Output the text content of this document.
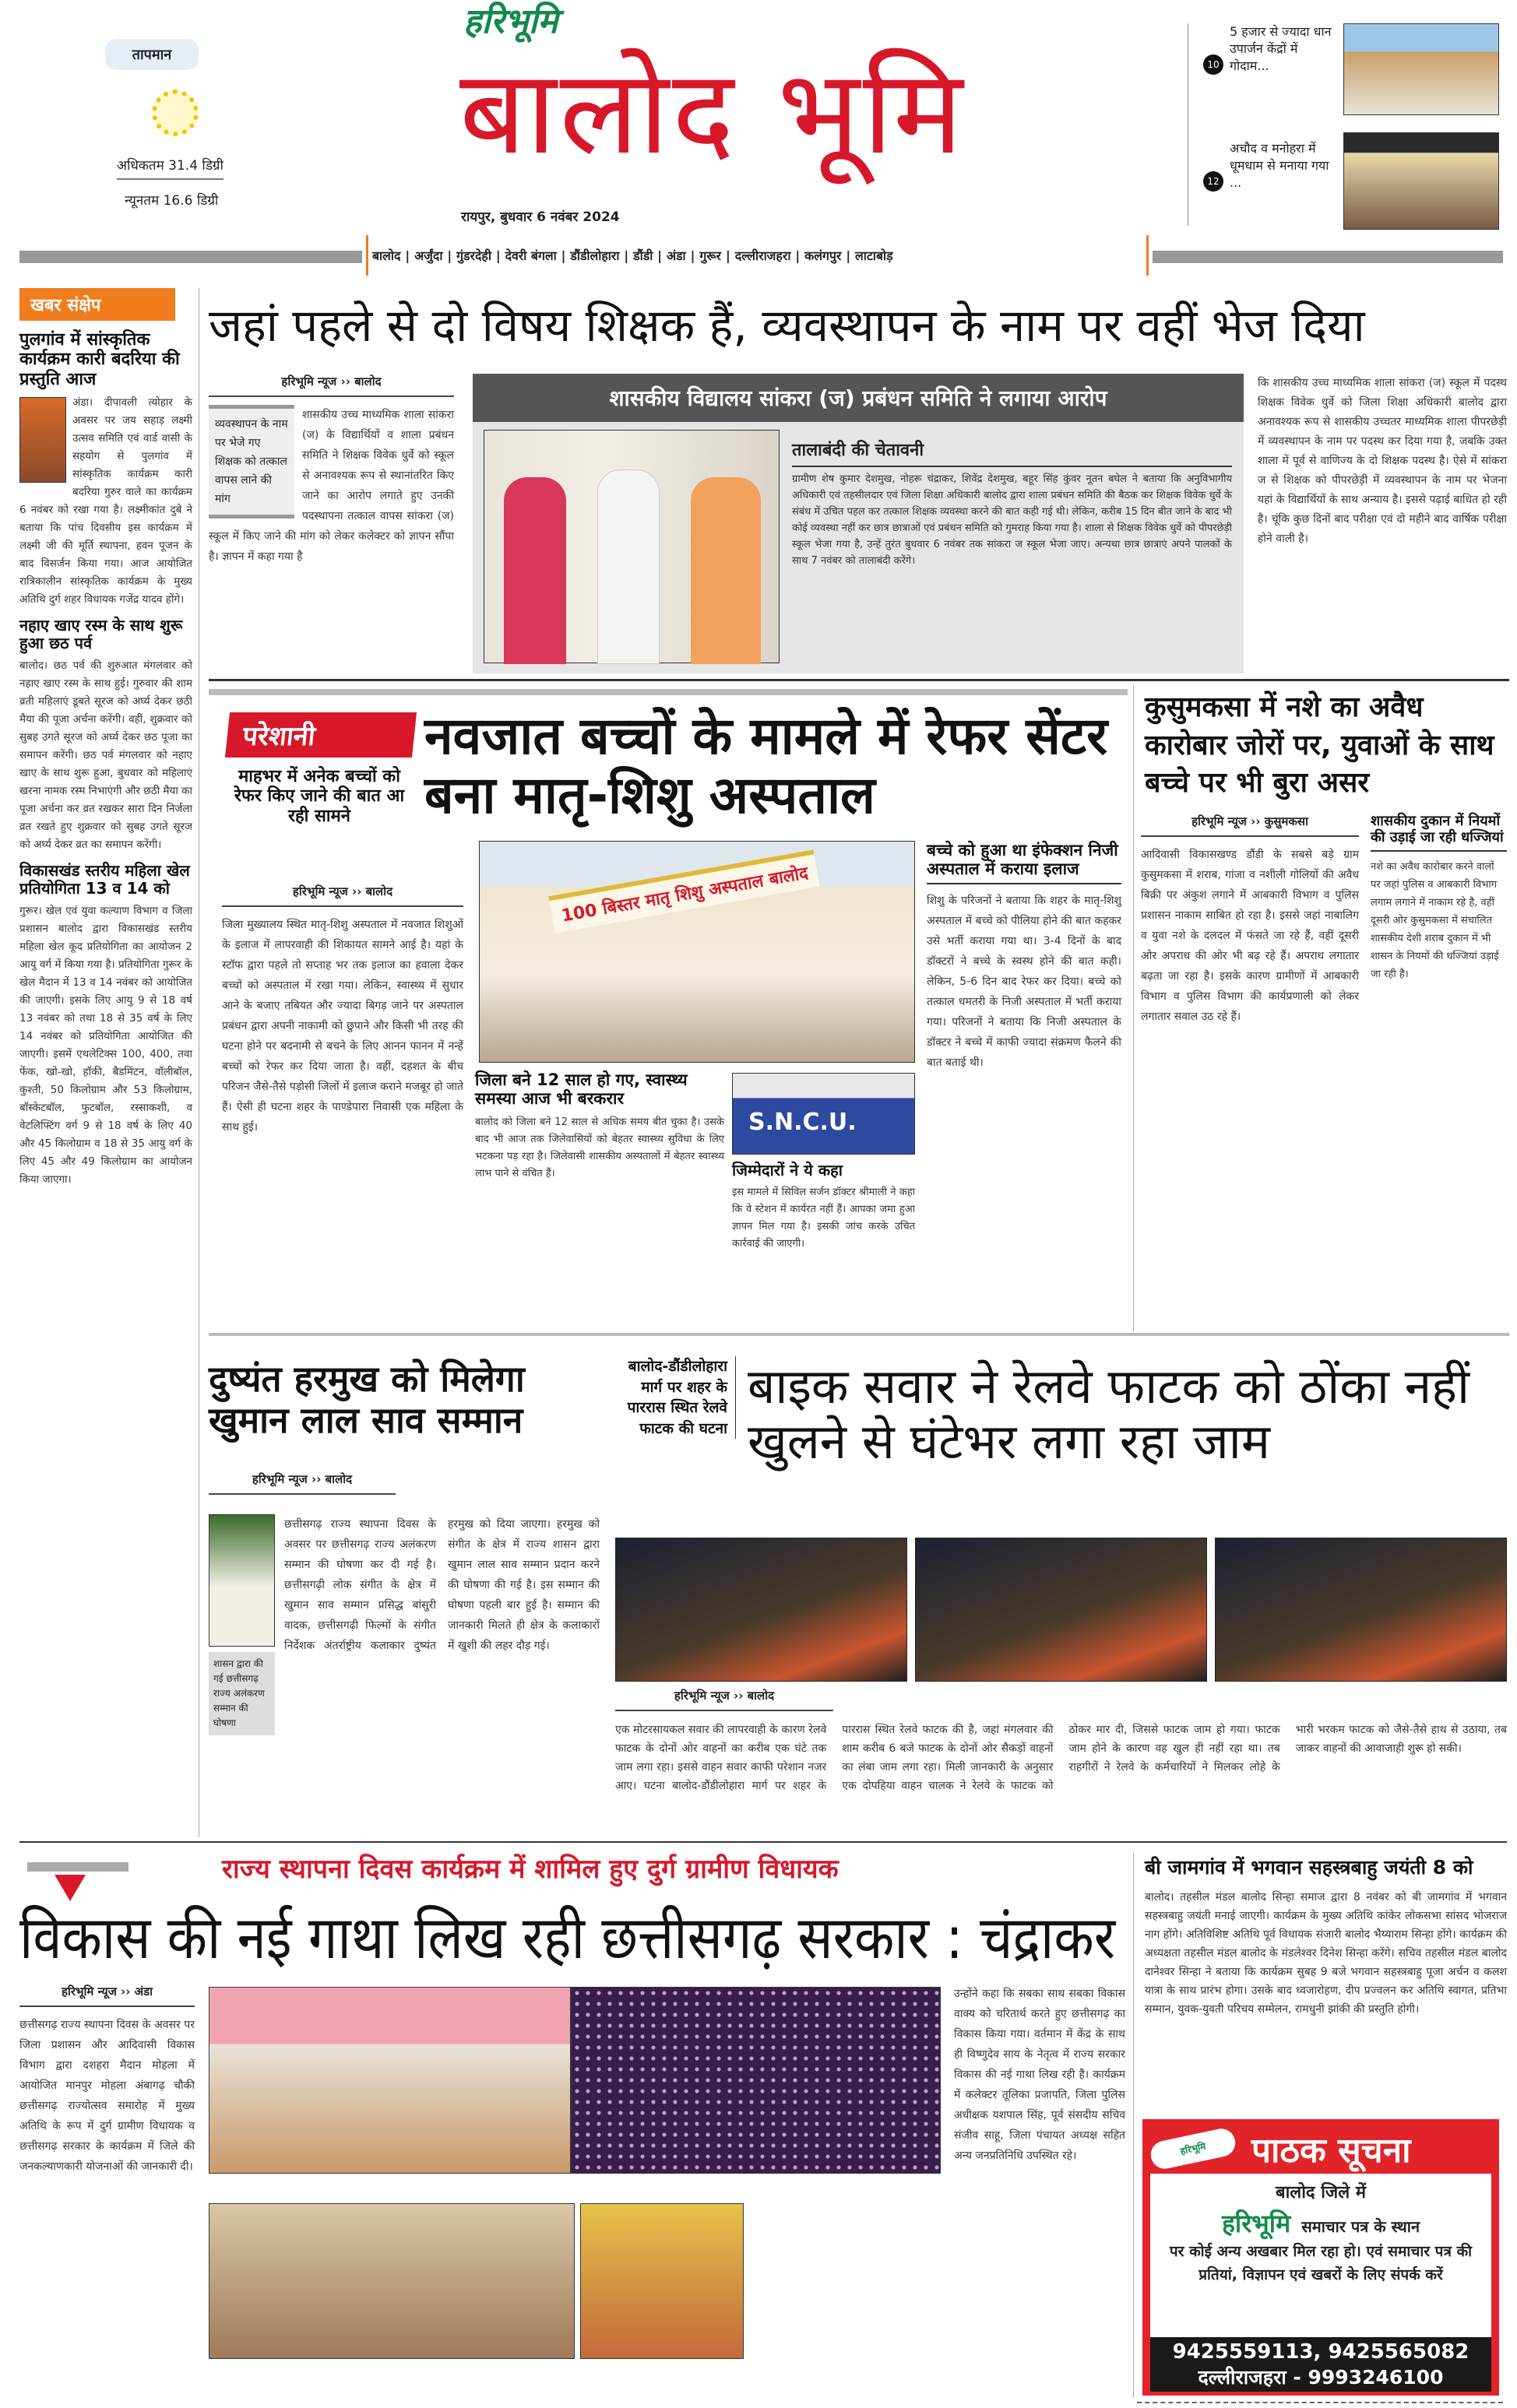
तापमान
अधिकतम 31.4 डिग्री
न्यूनतम 16.6 डिग्री
हरिभूमि
बालोद भूमि
रायपुर, बुधवार 6 नवंबर 2024
10
5 हजार से ज्यादा धान उपार्जन केंद्रों में गोदाम...
12
अचौद व मनोहरा में धूमधाम से मनाया गया ...
बालोद | अर्जुंदा | गुंडरदेही | देवरी बंगला | डौंडीलोहारा | डौंडी | अंडा | गुरूर | दल्लीराजहरा | कलंगपुर | लाटाबोड़
खबर संक्षेप
पुलगांव में सांस्कृतिक कार्यक्रम कारी बदरिया की प्रस्तुति आज
अंडा। दीपावली त्योहार के अवसर पर जय सहाड़ लक्ष्मी उत्सव समिति एवं वार्ड वासी के सहयोग से पुलगांव में सांस्कृतिक कार्यक्रम कारी बदरिया गुरुर वाले का कार्यक्रम 6 नवंबर को रखा गया है। लक्ष्मीकांत दुबे ने बताया कि पांच दिवसीय इस कार्यक्रम में लक्ष्मी जी की मूर्ति स्थापना, हवन पूजन के बाद विसर्जन किया गया। आज आयोजित रात्रिकालीन सांस्कृतिक कार्यक्रम के मुख्य अतिथि दुर्ग शहर विधायक गजेंद्र यादव होंगे।
नहाए खाए रस्म के साथ शुरू हुआ छठ पर्व
बालोद। छठ पर्व की शुरुआत मंगलवार को नहाए खाए रस्म के साथ हुई। गुरुवार की शाम व्रती महिलाएं डूबते सूरज को अर्घ्य देकर छठी मैया की पूजा अर्चना करेंगी। वहीं, शुक्रवार को सुबह उगते सूरज को अर्घ्य देकर छठ पूजा का समापन करेंगी। छठ पर्व मंगलवार को नहाए खाए के साथ शुरू हुआ, बुधवार को महिलाएं खरना नामक रस्म निभाएंगी और छठी मैया का पूजा अर्चना कर व्रत रखकर सारा दिन निर्जला व्रत रखते हुए शुक्रवार को सुबह उगते सूरज को अर्घ्य देकर व्रत का समापन करेंगी।
विकासखंड स्तरीय महिला खेल प्रतियोगिता 13 व 14 को
गुरूर। खेल एवं युवा कल्याण विभाग व जिला प्रशासन बालोद द्वारा विकासखंड स्तरीय महिला खेल कूद प्रतियोगिता का आयोजन 2 आयु वर्ग में किया गया है। प्रतियोगिता गुरूर के खेल मैदान में 13 व 14 नवंबर को आयोजित की जाएगी। इसके लिए आयु 9 से 18 वर्ष 13 नवंबर को तथा 18 से 35 वर्ष के लिए 14 नवंबर को प्रतियोगिता आयोजित की जाएगी। इसमें एथलेटिक्स 100, 400, तवा फेंक, खो-खो, हॉकी, बैडमिंटन, वॉलीबॉल, कुश्ती, 50 किलोग्राम और 53 किलोग्राम, बॉस्केटबॉल, फुटबॉल, रस्साकशी, व वेटलिफ्टिंग वर्ग 9 से 18 वर्ष के लिए 40 और 45 किलोग्राम व 18 से 35 आयु वर्ग के लिए 45 और 49 किलोग्राम का आयोजन किया जाएगा।
जहां पहले से दो विषय शिक्षक हैं, व्यवस्थापन के नाम पर वहीं भेज दिया
हरिभूमि न्यूज ›› बालोद
व्यवस्थापन के नाम पर भेजे गए शिक्षक को तत्काल वापस लाने की मांग
शासकीय उच्च माध्यमिक शाला सांकरा (ज) के विद्यार्थियों व शाला प्रबंधन समिति ने शिक्षक विवेक धुर्वे को स्कूल से अनावश्यक रूप से स्थानांतरित किए जाने का आरोप लगाते हुए उनकी पदस्थापना तत्काल वापस सांकरा (ज) स्कूल में किए जाने की मांग को लेकर कलेक्टर को ज्ञापन सौंपा है। ज्ञापन में कहा गया है
शासकीय विद्यालय सांकरा (ज) प्रबंधन समिति ने लगाया आरोप
तालाबंदी की चेतावनी
ग्रामीण शेष कुमार देशमुख, नोहरू चंद्राकर, शिवेंद्र देशमुख, बहूर सिंह कुंवर नूतन बघेल ने बताया कि अनुविभागीय अधिकारी एवं तहसीलदार एवं जिला शिक्षा अधिकारी बालोद द्वारा शाला प्रबंधन समिति की बैठक कर शिक्षक विवेक धुर्वे के संबंध में उचित पहल कर तत्काल शिक्षक व्यवस्था करने की बात कही गई थी। लेकिन, करीब 15 दिन बीत जाने के बाद भी कोई व्यवस्था नहीं कर छात्र छात्राओं एवं प्रबंधन समिति को गुमराह किया गया है। शाला से शिक्षक विवेक धुर्वे को पीपरछेड़ी स्कूल भेजा गया है, उन्हें तुरंत बुधवार 6 नवंबर तक सांकरा ज स्कूल भेजा जाए। अन्यथा छात्र छात्राएं अपने पालकों के साथ 7 नवंबर को तालाबंदी करेंगे।
कि शासकीय उच्च माध्यमिक शाला सांकरा (ज) स्कूल में पदस्थ शिक्षक विवेक धुर्वे को जिला शिक्षा अधिकारी बालोद द्वारा अनावश्यक रूप से शासकीय उच्चतर माध्यमिक शाला पीपरछेड़ी में व्यवस्थापन के नाम पर पदस्थ कर दिया गया है, जबकि उक्त शाला में पूर्व से वाणिज्य के दो शिक्षक पदस्थ है। ऐसे में सांकरा ज से शिक्षक को पीपरछेड़ी में व्यवस्थापन के नाम पर भेजना यहां के विद्यार्थियों के साथ अन्याय है। इससे पढ़ाई बाधित हो रही है। चूंकि कुछ दिनों बाद परीक्षा एवं दो महीने बाद वार्षिक परीक्षा होने वाली है।
परेशानी
माहभर में अनेक बच्चों को रेफर किए जाने की बात आ रही सामने
नवजात बच्चों के मामले में रेफर सेंटर बना मातृ-शिशु अस्पताल
हरिभूमि न्यूज ›› बालोद
जिला मुख्यालय स्थित मातृ-शिशु अस्पताल में नवजात शिशुओं के इलाज में लापरवाही की शिकायत सामने आई है। यहां के स्टॉफ द्वारा पहले तो सप्ताह भर तक इलाज का हवाला देकर बच्चों को अस्पताल में रखा गया। लेकिन, स्वास्थ्य में सुधार आने के बजाए तबियत और ज्यादा बिगड़ जाने पर अस्पताल प्रबंधन द्वारा अपनी नाकामी को छुपाने और किसी भी तरह की घटना होने पर बदनामी से बचने के लिए आनन फानन में नन्हें बच्चों को रेफर कर दिया जाता है। वहीं, दहशत के बीच परिजन जैसे-तैसे पड़ोसी जिलों में इलाज कराने मजबूर हो जाते हैं। ऐसी ही घटना शहर के पाण्डेपारा निवासी एक महिला के साथ हुई।
100 बिस्तर मातृ शिशु अस्पताल बालोद
बच्चे को हुआ था इंफेक्शन निजी अस्पताल में कराया इलाज
शिशु के परिजनों ने बताया कि शहर के मातृ-शिशु अस्पताल में बच्चे को पीलिया होने की बात कहकर उसे भर्ती कराया गया था। 3-4 दिनों के बाद डॉक्टरों ने बच्चे के स्वस्थ होने की बात कही। लेकिन, 5-6 दिन बाद रेफर कर दिया। बच्चे को तत्काल धमतरी के निजी अस्पताल में भर्ती कराया गया। परिजनों ने बताया कि निजी अस्पताल के डॉक्टर ने बच्चे में काफी ज्यादा संक्रमण फैलने की बात बताई थी।
जिला बने 12 साल हो गए, स्वास्थ्य समस्या आज भी बरकरार
बालोद को जिला बने 12 साल से अधिक समय बीत चुका है। उसके बाद भी आज तक जिलेवासियों को बेहतर स्वास्थ्य सुविधा के लिए भटकना पड़ रहा है। जिलेवासी शासकीय अस्पतालों में बेहतर स्वास्थ्य लाभ पाने से वंचित हैं।
S.N.C.U.
जिम्मेदारों ने ये कहा
इस मामले में सिविल सर्जन डॉक्टर श्रीमाली ने कहा कि वे स्टेशन में कार्यरत नहीं हैं। आपका जमा हुआ ज्ञापन मिल गया है। इसकी जांच करके उचित कार्रवाई की जाएगी।
कुसुमकसा में नशे का अवैध कारोबार जोरों पर, युवाओं के साथ बच्चे पर भी बुरा असर
हरिभूमि न्यूज ›› कुसुमकसा
आदिवासी विकासखण्ड डौंडी के सबसे बड़े ग्राम कुसुमकसा में शराब, गांजा व नशीली गोलियों की अवैध बिक्री पर अंकुश लगाने में आबकारी विभाग व पुलिस प्रशासन नाकाम साबित हो रहा है। इससे जहां नाबालिग व युवा नशे के दलदल में फंसते जा रहे हैं, वहीं दूसरी ओर अपराध की ओर भी बढ़ रहे हैं। अपराध लगातार बढ़ता जा रहा है। इसके कारण ग्रामीणों में आबकारी विभाग व पुलिस विभाग की कार्यप्रणाली को लेकर लगातार सवाल उठ रहे हैं।
शासकीय दुकान में नियमों की उड़ाई जा रही धज्जियां
नशे का अवैध कारोबार करने वालों पर जहां पुलिस व आबकारी विभाग लगाम लगाने में नाकाम रहे है, वहीं दूसरी ओर कुसुमकसा में संचालित शासकीय देशी शराब दुकान में भी शासन के नियमों की धज्जियां उड़ाई जा रही है।
दुष्यंत हरमुख को मिलेगा खुमान लाल साव सम्मान
हरिभूमि न्यूज ›› बालोद
शासन द्वारा की गई छत्तीसगढ़ राज्य अलंकरण सम्मान की घोषणा
छत्तीसगढ़ राज्य स्थापना दिवस के अवसर पर छत्तीसगढ़ राज्य अलंकरण सम्मान की घोषणा कर दी गई है। छत्तीसगढ़ी लोक संगीत के क्षेत्र में खुमान साव सम्मान प्रसिद्ध बांसुरी वादक, छत्तीसगढ़ी फिल्मों के संगीत निर्देशक अंतर्राष्ट्रीय कलाकार दुष्यंत हरमुख को दिया जाएगा। हरमुख को संगीत के क्षेत्र में राज्य शासन द्वारा खुमान लाल साव सम्मान प्रदान करने की घोषणा की गई है। इस सम्मान की घोषणा पहली बार हुई है। सम्मान की जानकारी मिलते ही क्षेत्र के कलाकारों में खुशी की लहर दौड़ गई।
बालोद-डौंडीलोहारा मार्ग पर शहर के पाररास स्थित रेलवे फाटक की घटना
बाइक सवार ने रेलवे फाटक को ठोंका नहीं खुलने से घंटेभर लगा रहा जाम
हरिभूमि न्यूज ›› बालोद
एक मोटरसायकल सवार की लापरवाही के कारण रेलवे फाटक के दोनों ओर वाहनों का करीब एक घंटे तक जाम लगा रहा। इससे वाहन सवार काफी परेशान नजर आए। घटना बालोद-डौंडीलोहारा मार्ग पर शहर के पाररास स्थित रेलवे फाटक की है, जहां मंगलवार की शाम करीब 6 बजे फाटक के दोनों ओर सैकड़ों वाहनों का लंबा जाम लगा रहा। मिली जानकारी के अनुसार एक दोपहिया वाहन चालक ने रेलवे के फाटक को ठोकर मार दी, जिससे फाटक जाम हो गया। फाटक जाम होने के कारण वह खुल ही नहीं रहा था। तब राहगीरों ने रेलवे के कर्मचारियों ने मिलकर लोहे के भारी भरकम फाटक को जैसे-तैसे हाथ से उठाया, तब जाकर वाहनों की आवाजाही शुरू हो सकी।
राज्य स्थापना दिवस कार्यक्रम में शामिल हुए दुर्ग ग्रामीण विधायक
विकास की नई गाथा लिख रही छत्तीसगढ़ सरकार : चंद्राकर
हरिभूमि न्यूज ›› अंडा
छत्तीसगढ़ राज्य स्थापना दिवस के अवसर पर जिला प्रशासन और आदिवासी विकास विभाग द्वारा दशहरा मैदान मोहला में आयोजित मानपुर मोहला अंबागढ़ चौकी छत्तीसगढ़ राज्योत्सव समारोह में मुख्य अतिथि के रूप में दुर्ग ग्रामीण विधायक व छत्तीसगढ़ सरकार के कार्यक्रम में जिले की जनकल्याणकारी योजनाओं की जानकारी दी।
उन्होंने कहा कि सबका साथ सबका विकास वाक्य को चरितार्थ करते हुए छत्तीसगढ़ का विकास किया गया। वर्तमान में केंद्र के साथ ही विष्णुदेव साय के नेतृत्व में राज्य सरकार विकास की नई गाथा लिख रही है। कार्यक्रम में कलेक्टर तूलिका प्रजापति, जिला पुलिस अधीक्षक यशपाल सिंह, पूर्व संसदीय सचिव संजीव साहू, जिला पंचायत अध्यक्ष सहित अन्य जनप्रतिनिधि उपस्थित रहे।
बी जामगांव में भगवान सहस्त्रबाहु जयंती 8 को
बालोद। तहसील मंडल बालोद सिन्हा समाज द्वारा 8 नवंबर को बी जामगांव में भगवान सहस्त्रबाहु जयंती मनाई जाएगी। कार्यक्रम के मुख्य अतिथि कांकेर लोकसभा सांसद भोजराज नाग होंगे। अतिविशिष्ट अतिथि पूर्व विधायक संजारी बालोद भैय्याराम सिन्हा होंगे। कार्यक्रम की अध्यक्षता तहसील मंडल बालोद के मंडलेश्वर दिनेश सिन्हा करेंगे। सचिव तहसील मंडल बालोद दानेश्वर सिन्हा ने बताया कि कार्यक्रम सुबह 9 बजे भगवान सहस्त्रबाहु पूजा अर्चन व कलश यात्रा के साथ प्रारंभ होगा। उसके बाद ध्वजारोहण, दीप प्रज्वलन कर अतिथि स्वागत, प्रतिभा सम्मान, युवक-युवती परिचय सम्मेलन, रामधुनी झांकी की प्रस्तुति होगी।
हरिभूमि	पाठक सूचना
बालोद जिले में
हरिभूमि समाचार पत्र के स्थान
पर कोई अन्य अखबार मिल रहा हो। एवं समाचार पत्र की प्रतियां, विज्ञापन एवं खबरों के लिए संपर्क करें
9425559113, 9425565082
दल्लीराजहरा - 9993246100
